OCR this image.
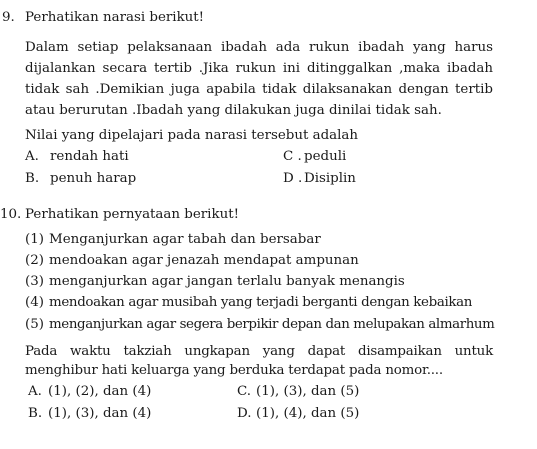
9. Perhatikan narasi berikut!
Dalam setiap pelaksanaan ibadah ada rukun ibadah yang harus dijalankan secara tertib .Jika rukun ini ditinggalkan ,maka ibadah tidak sah .Demikian juga apabila tidak dilaksanakan dengan tertib atau berurutan .Ibadah yang dilakukan juga dinilai tidak sah.
Nilai yang dipelajari pada narasi tersebut adalah
A. rendah hati	C . peduli
B. penuh harap	D . Disiplin
10. Perhatikan pernyataan berikut!
(1) Menganjurkan agar tabah dan bersabar
(2) mendoakan agar jenazah mendapat ampunan
(3) menganjurkan agar jangan terlalu banyak menangis
(4) mendoakan agar musibah yang terjadi berganti dengan kebaikan
(5) menganjurkan agar segera berpikir depan dan melupakan almarhum
Pada waktu takziah ungkapan yang dapat disampaikan untuk menghibur hati keluarga yang berduka terdapat pada nomor....
A. (1), (2), dan (4)	C. (1), (3), dan (5)
B. (1), (3), dan (4)	D. (1), (4), dan (5)
